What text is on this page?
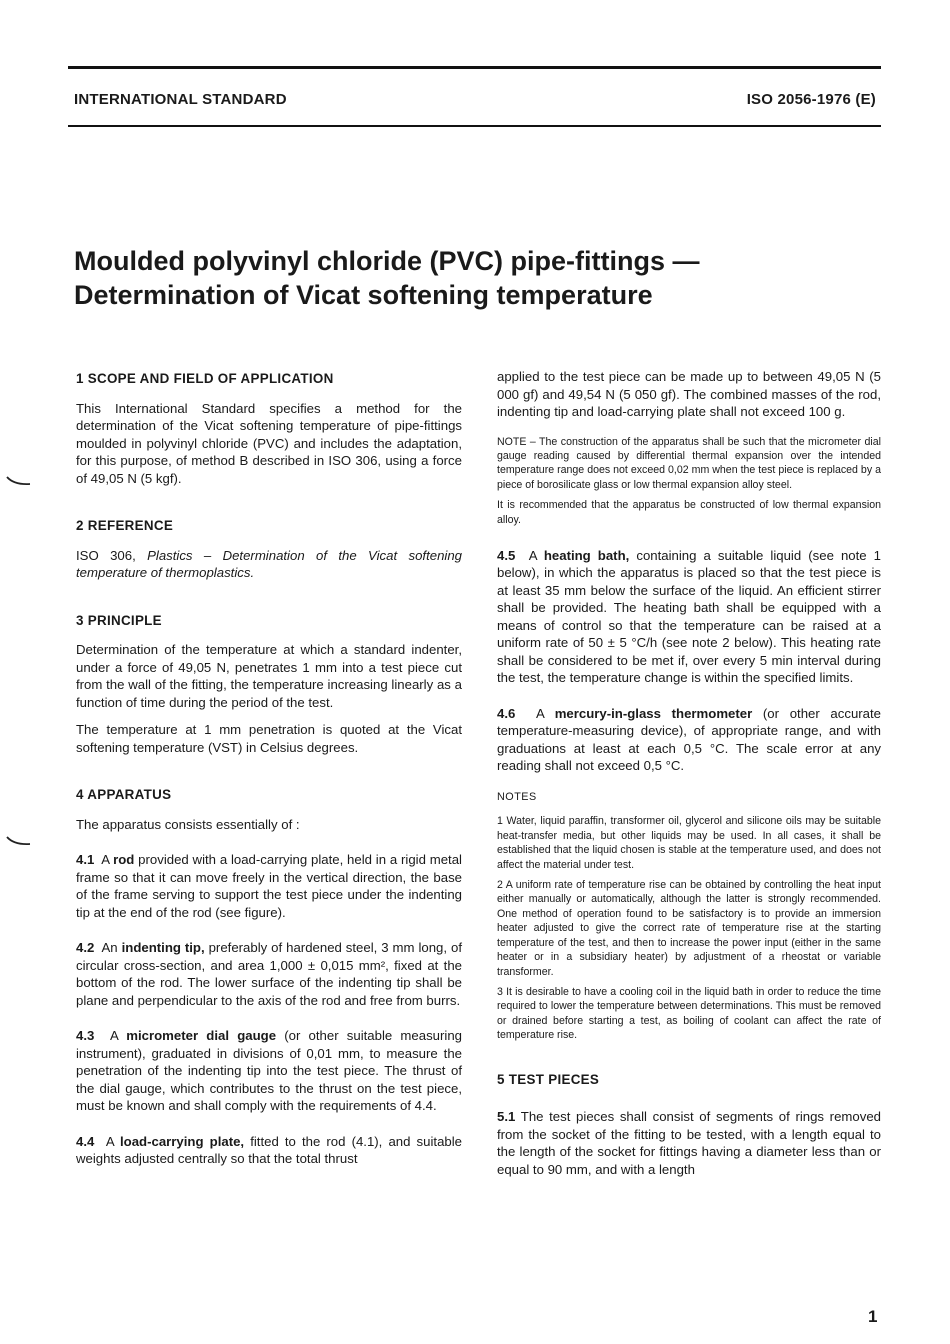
INTERNATIONAL STANDARD	ISO 2056-1976 (E)
Moulded polyvinyl chloride (PVC) pipe-fittings —
Determination of Vicat softening temperature
1 SCOPE AND FIELD OF APPLICATION

This International Standard specifies a method for the determination of the Vicat softening temperature of pipe-fittings moulded in polyvinyl chloride (PVC) and includes the adaptation, for this purpose, of method B described in ISO 306, using a force of 49,05 N (5 kgf).

2 REFERENCE

ISO 306, Plastics – Determination of the Vicat softening temperature of thermoplastics.

3 PRINCIPLE

Determination of the temperature at which a standard indenter, under a force of 49,05 N, penetrates 1 mm into a test piece cut from the wall of the fitting, the temperature increasing linearly as a function of time during the period of the test.

The temperature at 1 mm penetration is quoted at the Vicat softening temperature (VST) in Celsius degrees.

4 APPARATUS

The apparatus consists essentially of :

4.1 A rod provided with a load-carrying plate, held in a rigid metal frame so that it can move freely in the vertical direction, the base of the frame serving to support the test piece under the indenting tip at the end of the rod (see figure).

4.2 An indenting tip, preferably of hardened steel, 3 mm long, of circular cross-section, and area 1,000 ± 0,015 mm², fixed at the bottom of the rod. The lower surface of the indenting tip shall be plane and perpendicular to the axis of the rod and free from burrs.

4.3 A micrometer dial gauge (or other suitable measuring instrument), graduated in divisions of 0,01 mm, to measure the penetration of the indenting tip into the test piece. The thrust of the dial gauge, which contributes to the thrust on the test piece, must be known and shall comply with the requirements of 4.4.

4.4 A load-carrying plate, fitted to the rod (4.1), and suitable weights adjusted centrally so that the total thrust

applied to the test piece can be made up to between 49,05 N (5 000 gf) and 49,54 N (5 050 gf). The combined masses of the rod, indenting tip and load-carrying plate shall not exceed 100 g.

NOTE – The construction of the apparatus shall be such that the micrometer dial gauge reading caused by differential thermal expansion over the intended temperature range does not exceed 0,02 mm when the test piece is replaced by a piece of borosilicate glass or low thermal expansion alloy steel.

It is recommended that the apparatus be constructed of low thermal expansion alloy.

4.5 A heating bath, containing a suitable liquid (see note 1 below), in which the apparatus is placed so that the test piece is at least 35 mm below the surface of the liquid. An efficient stirrer shall be provided. The heating bath shall be equipped with a means of control so that the temperature can be raised at a uniform rate of 50 ± 5 °C/h (see note 2 below). This heating rate shall be considered to be met if, over every 5 min interval during the test, the temperature change is within the specified limits.

4.6 A mercury-in-glass thermometer (or other accurate temperature-measuring device), of appropriate range, and with graduations at least at each 0,5 °C. The scale error at any reading shall not exceed 0,5 °C.

NOTES

1 Water, liquid paraffin, transformer oil, glycerol and silicone oils may be suitable heat-transfer media, but other liquids may be used. In all cases, it shall be established that the liquid chosen is stable at the temperature used, and does not affect the material under test.

2 A uniform rate of temperature rise can be obtained by controlling the heat input either manually or automatically, although the latter is strongly recommended. One method of operation found to be satisfactory is to provide an immersion heater adjusted to give the correct rate of temperature rise at the starting temperature of the test, and then to increase the power input (either in the same heater or in a subsidiary heater) by adjustment of a rheostat or variable transformer.

3 It is desirable to have a cooling coil in the liquid bath in order to reduce the time required to lower the temperature between determinations. This must be removed or drained before starting a test, as boiling of coolant can affect the rate of temperature rise.

5 TEST PIECES

5.1 The test pieces shall consist of segments of rings removed from the socket of the fitting to be tested, with a length equal to the length of the socket for fittings having a diameter less than or equal to 90 mm, and with a length

1
